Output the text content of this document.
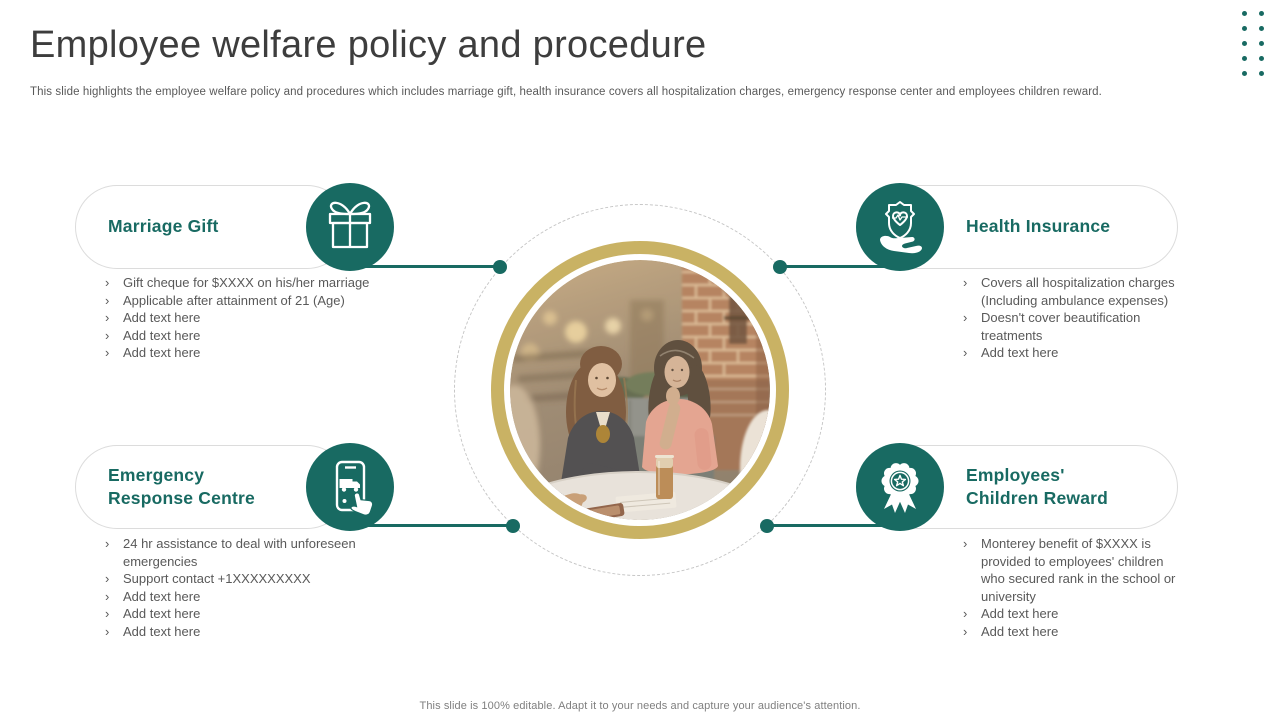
Employee welfare policy and procedure
This slide highlights the employee welfare policy and procedures which includes marriage gift, health insurance covers all hospitalization charges, emergency response center and employees children reward.
Marriage Gift	Health Insurance
Emergency Response Centre
Employees' Children Reward
›	Gift cheque for $XXXX on his/her marriage
›	Applicable after attainment of 21 (Age)
›	Add text here
›	Add text here
›	Add text here
›	Covers all hospitalization charges (Including ambulance expenses)
›	Doesn't cover beautification treatments
›	Add text here
›	24 hr assistance to deal with unforeseen emergencies
›	Support contact +1XXXXXXXXX
›	Add text here
›	Add text here
›	Add text here
›	Monterey benefit of $XXXX is provided to employees' children who secured rank in the school or university
›	Add text here
›	Add text here
This slide is 100% editable. Adapt it to your needs and capture your audience's attention.
